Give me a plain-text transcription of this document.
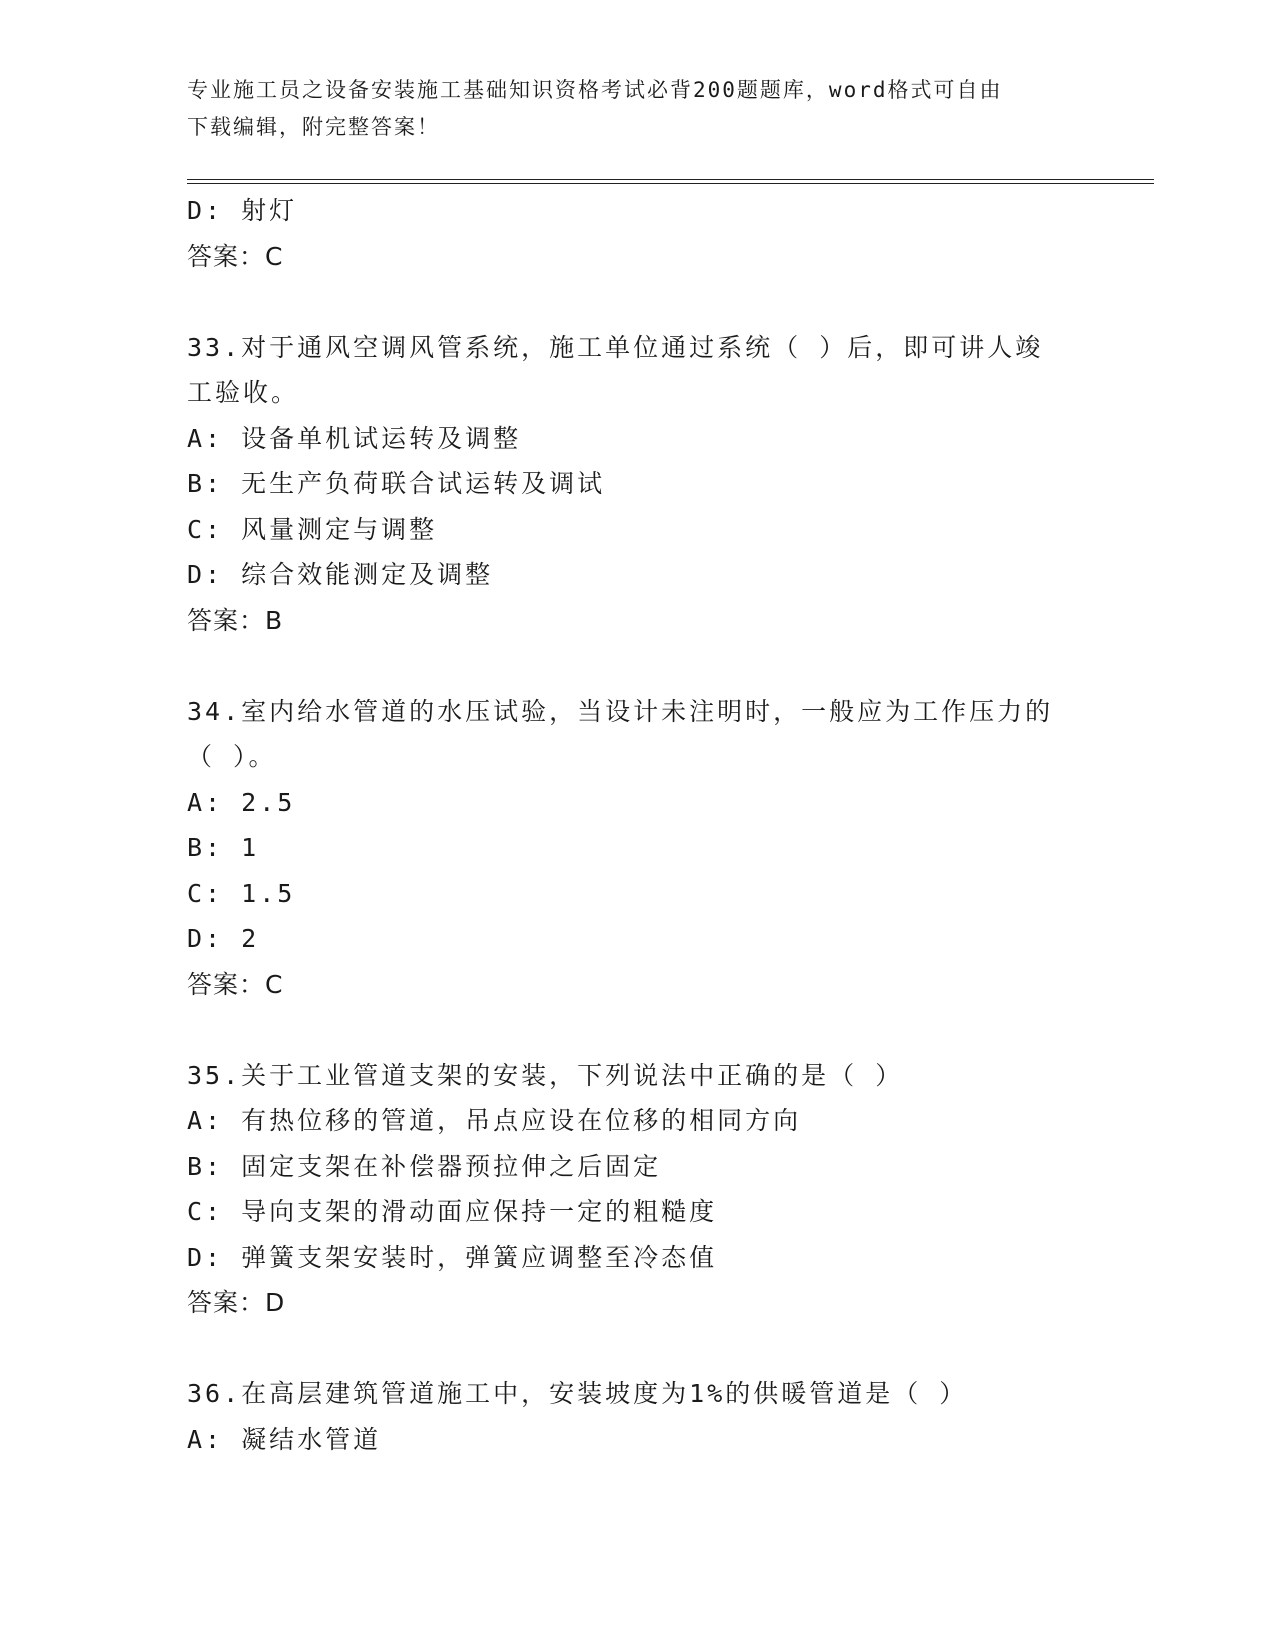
专业施工员之设备安装施工基础知识资格考试必背200题题库，word格式可自由
下载编辑，附完整答案！
D: 射灯
答案：C
33.对于通风空调风管系统，施工单位通过系统（ ）后，即可讲人竣
工验收。
A: 设备单机试运转及调整
B: 无生产负荷联合试运转及调试
C: 风量测定与调整
D: 综合效能测定及调整
答案：B
34.室内给水管道的水压试验，当设计未注明时，一般应为工作压力的
（ ）。
A: 2.5
B: 1
C: 1.5
D: 2
答案：C
35.关于工业管道支架的安装，下列说法中正确的是（ ）
A: 有热位移的管道，吊点应设在位移的相同方向
B: 固定支架在补偿器预拉伸之后固定
C: 导向支架的滑动面应保持一定的粗糙度
D: 弹簧支架安装时，弹簧应调整至冷态值
答案：D
36.在高层建筑管道施工中，安装坡度为1%的供暖管道是（ ）
A: 凝结水管道
